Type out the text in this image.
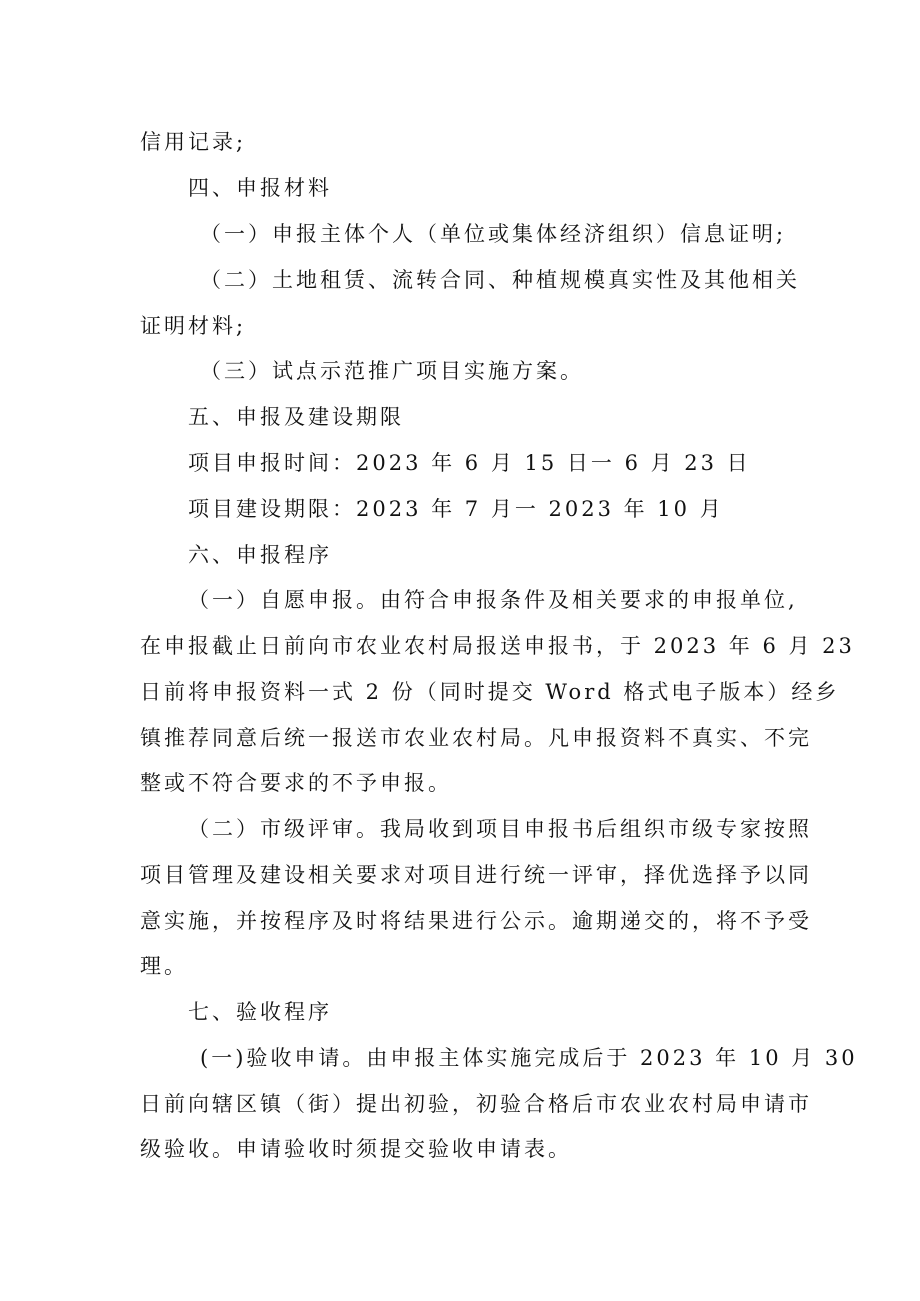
信用记录;
四、申报材料
（一）申报主体个人（单位或集体经济组织）信息证明;
（二）土地租赁、流转合同、种植规模真实性及其他相关
证明材料;
（三）试点示范推广项目实施方案。
五、申报及建设期限
项目申报时间：2023 年 6 月 15 日一 6 月 23 日
项目建设期限：2023 年 7 月一 2023 年 10 月
六、申报程序
（一）自愿申报。由符合申报条件及相关要求的申报单位,
在申报截止日前向市农业农村局报送申报书，于 2023 年 6 月 23
日前将申报资料一式 2 份（同时提交 Word 格式电子版本）经乡
镇推荐同意后统一报送市农业农村局。凡申报资料不真实、不完
整或不符合要求的不予申报。
（二）市级评审。我局收到项目申报书后组织市级专家按照
项目管理及建设相关要求对项目进行统一评审，择优选择予以同
意实施，并按程序及时将结果进行公示。逾期递交的，将不予受
理。
七、验收程序
(一)验收申请。由申报主体实施完成后于 2023 年 10 月 30
日前向辖区镇（街）提出初验，初验合格后市农业农村局申请市
级验收。申请验收时须提交验收申请表。
